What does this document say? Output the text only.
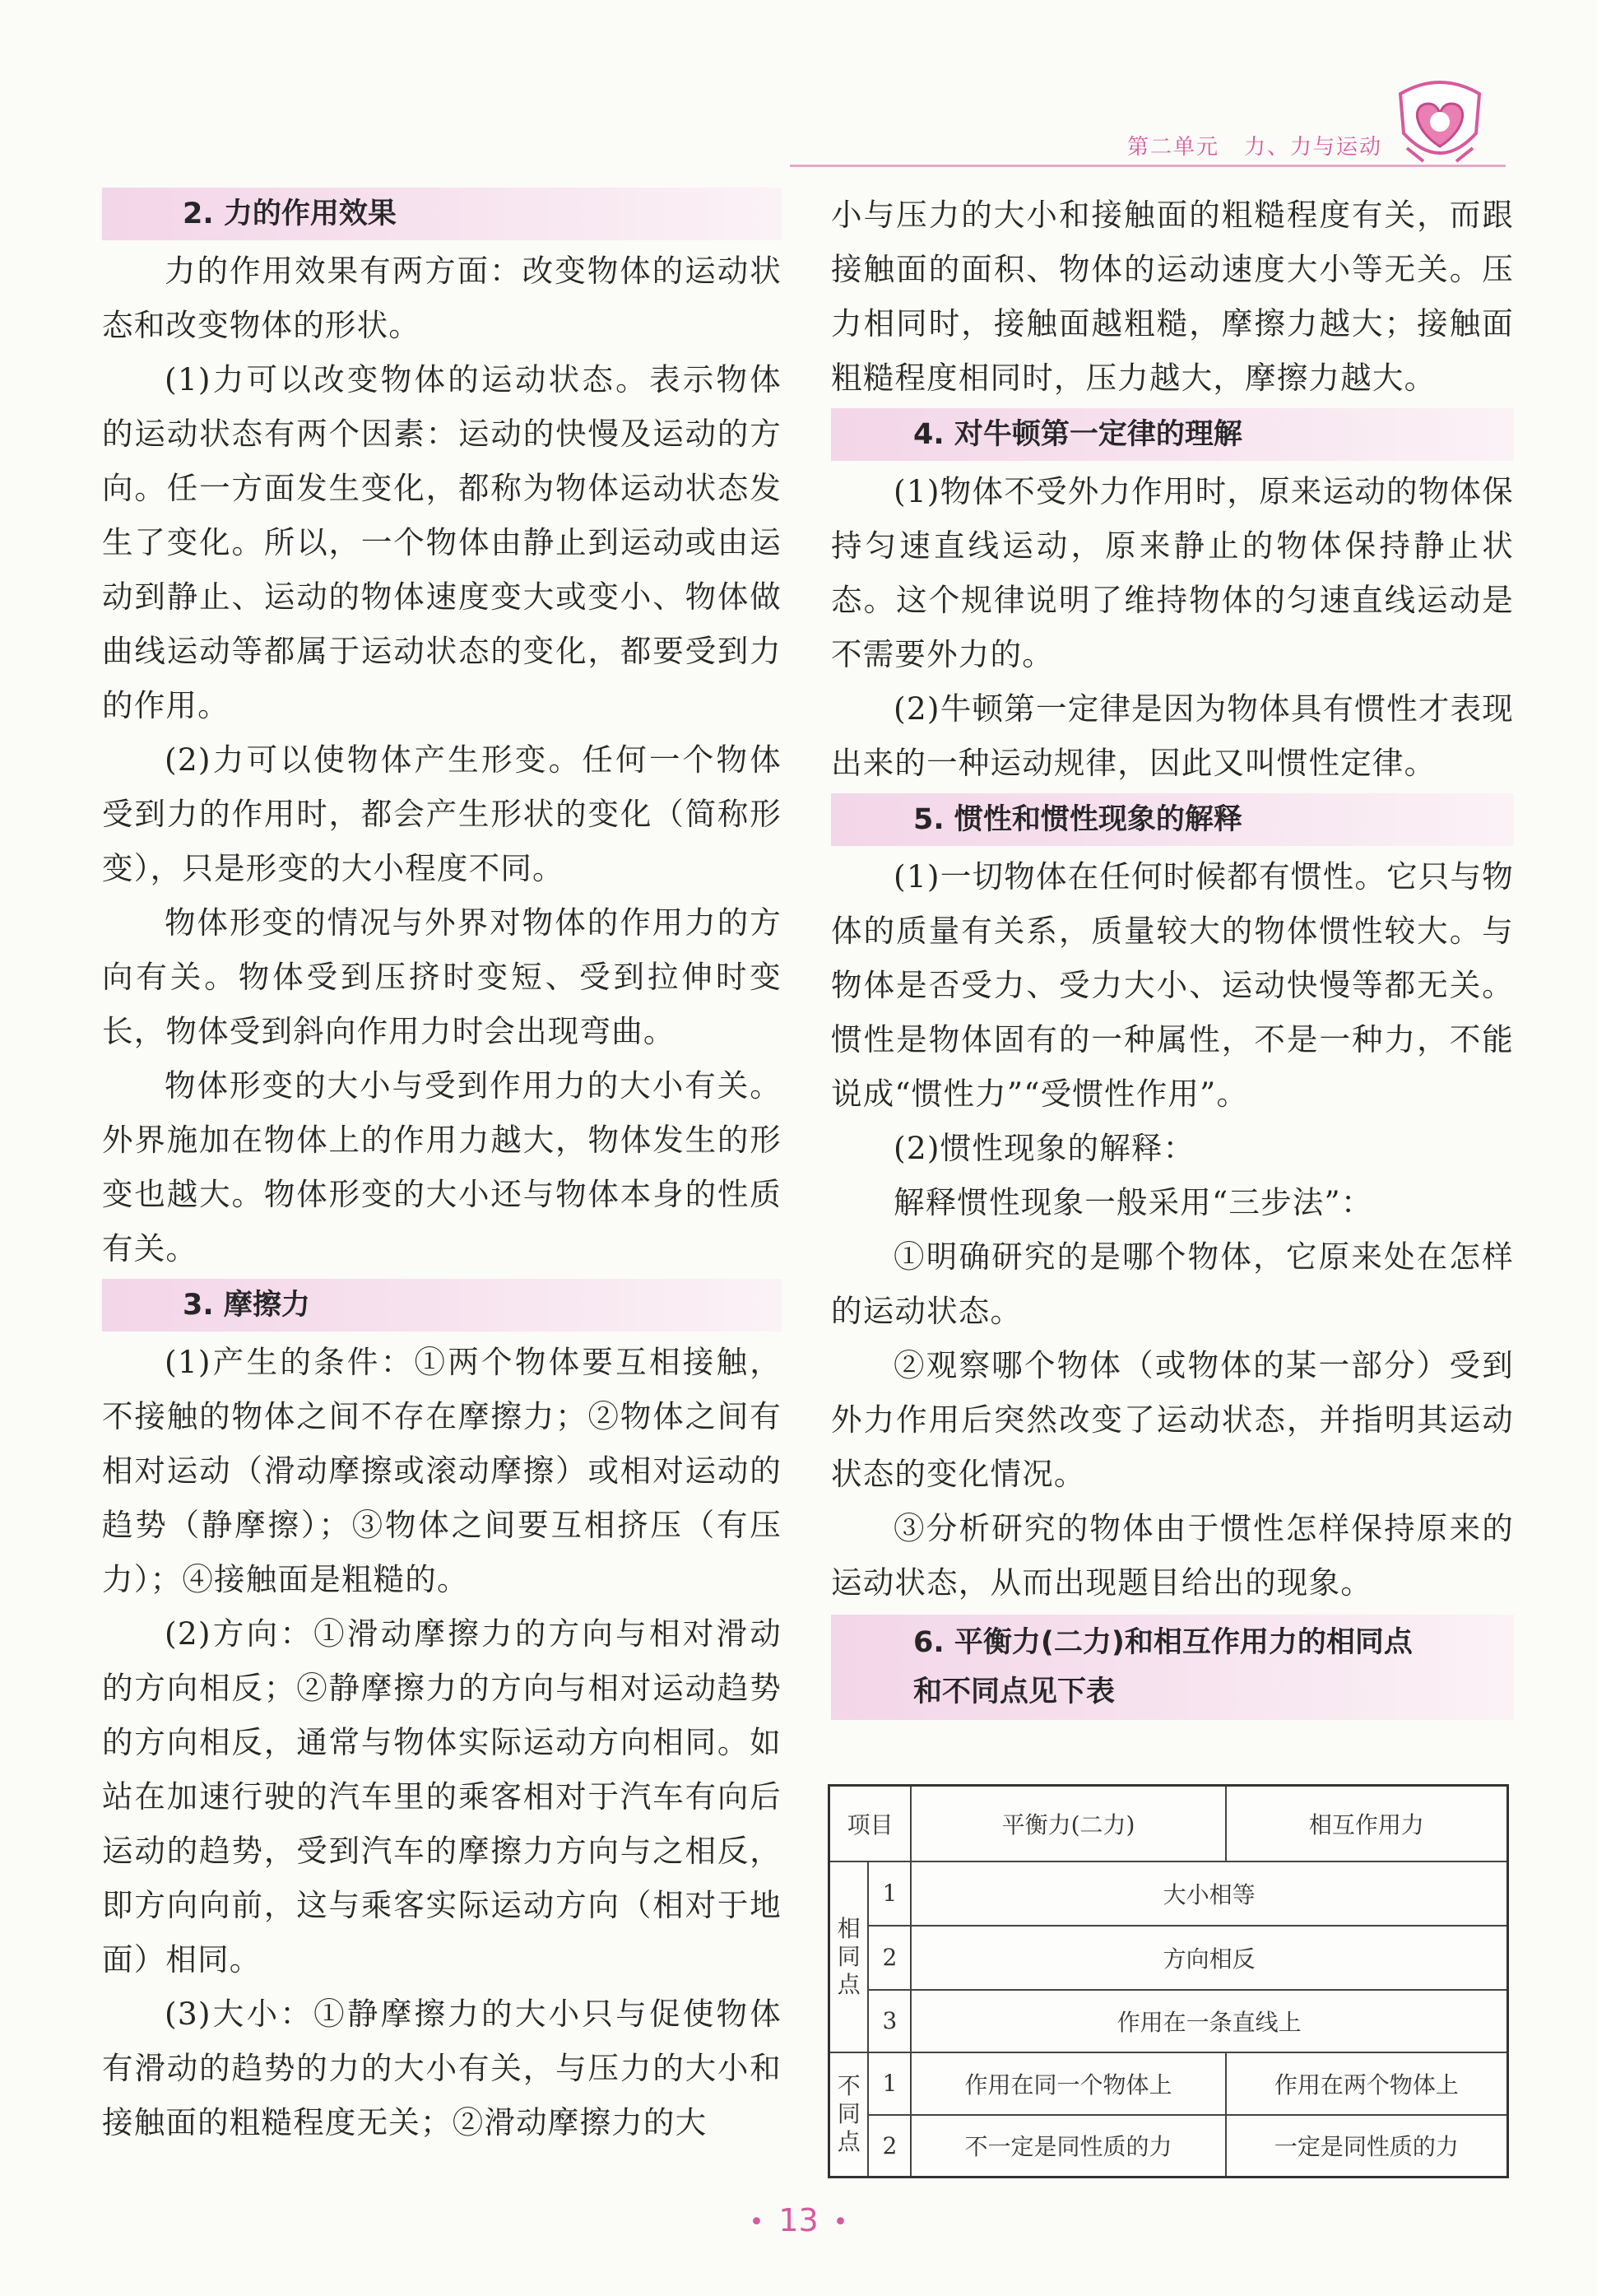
第二单元 力、力与运动
2. 力的作用效果

力的作用效果有两方面：改变物体的运动状态和改变物体的形状。

(1)力可以改变物体的运动状态。表示物体的运动状态有两个因素：运动的快慢及运动的方向。任一方面发生变化，都称为物体运动状态发生了变化。所以，一个物体由静止到运动或由运动到静止、运动的物体速度变大或变小、物体做曲线运动等都属于运动状态的变化，都要受到力的作用。

(2)力可以使物体产生形变。任何一个物体受到力的作用时，都会产生形状的变化（简称形变），只是形变的大小程度不同。

物体形变的情况与外界对物体的作用力的方向有关。物体受到压挤时变短、受到拉伸时变长，物体受到斜向作用力时会出现弯曲。

物体形变的大小与受到作用力的大小有关。外界施加在物体上的作用力越大，物体发生的形变也越大。物体形变的大小还与物体本身的性质有关。

3. 摩擦力

(1)产生的条件：①两个物体要互相接触，不接触的物体之间不存在摩擦力；②物体之间有相对运动（滑动摩擦或滚动摩擦）或相对运动的趋势（静摩擦）；③物体之间要互相挤压（有压力）；④接触面是粗糙的。

(2)方向：①滑动摩擦力的方向与相对滑动的方向相反；②静摩擦力的方向与相对运动趋势的方向相反，通常与物体实际运动方向相同。如站在加速行驶的汽车里的乘客相对于汽车有向后运动的趋势，受到汽车的摩擦力方向与之相反，即方向向前，这与乘客实际运动方向（相对于地面）相同。

(3)大小：①静摩擦力的大小只与促使物体有滑动的趋势的力的大小有关，与压力的大小和接触面的粗糙程度无关；②滑动摩擦力的大

小与压力的大小和接触面的粗糙程度有关，而跟接触面的面积、物体的运动速度大小等无关。压力相同时，接触面越粗糙，摩擦力越大；接触面粗糙程度相同时，压力越大，摩擦力越大。

4. 对牛顿第一定律的理解

(1)物体不受外力作用时，原来运动的物体保持匀速直线运动，原来静止的物体保持静止状态。这个规律说明了维持物体的匀速直线运动是不需要外力的。

(2)牛顿第一定律是因为物体具有惯性才表现出来的一种运动规律，因此又叫惯性定律。

5. 惯性和惯性现象的解释

(1)一切物体在任何时候都有惯性。它只与物体的质量有关系，质量较大的物体惯性较大。与物体是否受力、受力大小、运动快慢等都无关。惯性是物体固有的一种属性，不是一种力，不能说成“惯性力”“受惯性作用”。

(2)惯性现象的解释：

解释惯性现象一般采用“三步法”：

①明确研究的是哪个物体，它原来处在怎样的运动状态。

②观察哪个物体（或物体的某一部分）受到外力作用后突然改变了运动状态，并指明其运动状态的变化情况。

③分析研究的物体由于惯性怎样保持原来的运动状态，从而出现题目给出的现象。

6. 平衡力(二力)和相互作用力的相同点
和不同点见下表
项目		平衡力(二力)	相互作用力

相同点	1	大小相等	
	2	方向相反	
	3	作用在一条直线上	

不同点	1	作用在同一个物体上	作用在两个物体上
	2	不一定是同性质的力	一定是同性质的力
• 13 •
